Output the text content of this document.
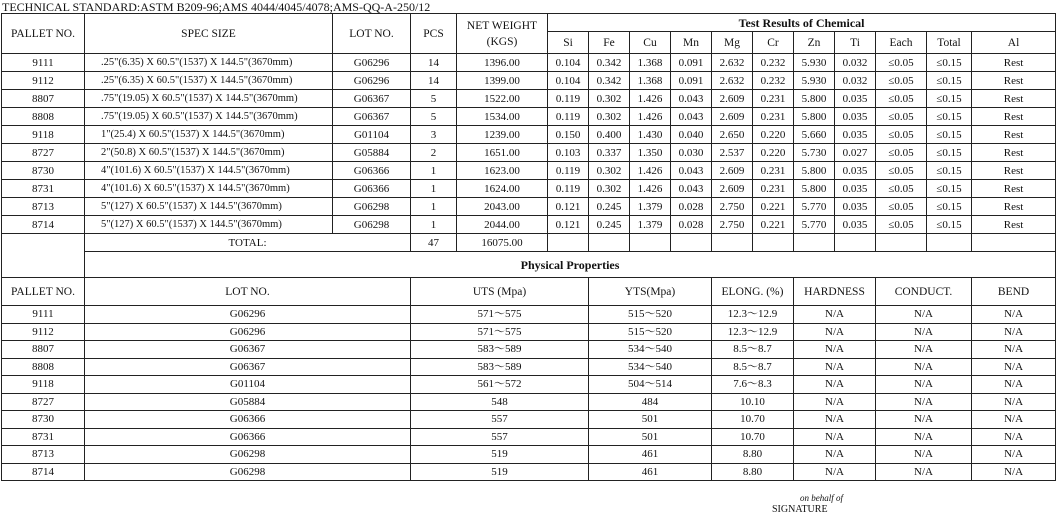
TECHNICAL STANDARD:ASTM B209-96;AMS 4044/4045/4078;AMS-QQ-A-250/12
PALLET NO.	SPEC SIZE	LOT NO.	PCS	NET WEIGHT
(KGS)	Test Results of Chemical										
					Si	Fe	Cu	Mn	Mg	Cr	Zn	Ti	Each	Total	Al
9111	.25"(6.35) X 60.5"(1537) X 144.5"(3670mm)	G06296	14	1396.00	0.104	0.342	1.368	0.091	2.632	0.232	5.930	0.032	≤0.05	≤0.15	Rest
9112	.25"(6.35) X 60.5"(1537) X 144.5"(3670mm)	G06296	14	1399.00	0.104	0.342	1.368	0.091	2.632	0.232	5.930	0.032	≤0.05	≤0.15	Rest
8807	.75"(19.05) X 60.5"(1537) X 144.5"(3670mm)	G06367	5	1522.00	0.119	0.302	1.426	0.043	2.609	0.231	5.800	0.035	≤0.05	≤0.15	Rest
8808	.75"(19.05) X 60.5"(1537) X 144.5"(3670mm)	G06367	5	1534.00	0.119	0.302	1.426	0.043	2.609	0.231	5.800	0.035	≤0.05	≤0.15	Rest
9118	1"(25.4) X 60.5"(1537) X 144.5"(3670mm)	G01104	3	1239.00	0.150	0.400	1.430	0.040	2.650	0.220	5.660	0.035	≤0.05	≤0.15	Rest
8727	2"(50.8) X 60.5"(1537) X 144.5"(3670mm)	G05884	2	1651.00	0.103	0.337	1.350	0.030	2.537	0.220	5.730	0.027	≤0.05	≤0.15	Rest
8730	4"(101.6) X 60.5"(1537) X 144.5"(3670mm)	G06366	1	1623.00	0.119	0.302	1.426	0.043	2.609	0.231	5.800	0.035	≤0.05	≤0.15	Rest
8731	4"(101.6) X 60.5"(1537) X 144.5"(3670mm)	G06366	1	1624.00	0.119	0.302	1.426	0.043	2.609	0.231	5.800	0.035	≤0.05	≤0.15	Rest
8713	5"(127) X 60.5"(1537) X 144.5"(3670mm)	G06298	1	2043.00	0.121	0.245	1.379	0.028	2.750	0.221	5.770	0.035	≤0.05	≤0.15	Rest
8714	5"(127) X 60.5"(1537) X 144.5"(3670mm)	G06298	1	2044.00	0.121	0.245	1.379	0.028	2.750	0.221	5.770	0.035	≤0.05	≤0.15	Rest
	TOTAL:		47	16075.00											
	Physical Properties														
PALLET NO.	LOT NO.		UTS (Mpa)			YTS(Mpa)			ELONG. (%)		HARDNESS		CONDUCT.		BEND
9111	G06296		571～575			515～520			12.3～12.9		N/A		N/A		N/A
9112	G06296		571～575			515～520			12.3～12.9		N/A		N/A		N/A
8807	G06367		583～589			534～540			8.5～8.7		N/A		N/A		N/A
8808	G06367		583～589			534～540			8.5～8.7		N/A		N/A		N/A
9118	G01104		561～572			504～514			7.6～8.3		N/A		N/A		N/A
8727	G05884		548			484			10.10		N/A		N/A		N/A
8730	G06366		557			501			10.70		N/A		N/A		N/A
8731	G06366		557			501			10.70		N/A		N/A		N/A
8713	G06298		519			461			8.80		N/A		N/A		N/A
8714	G06298		519			461			8.80		N/A		N/A		N/A
on behalf of
SIGNATURE
